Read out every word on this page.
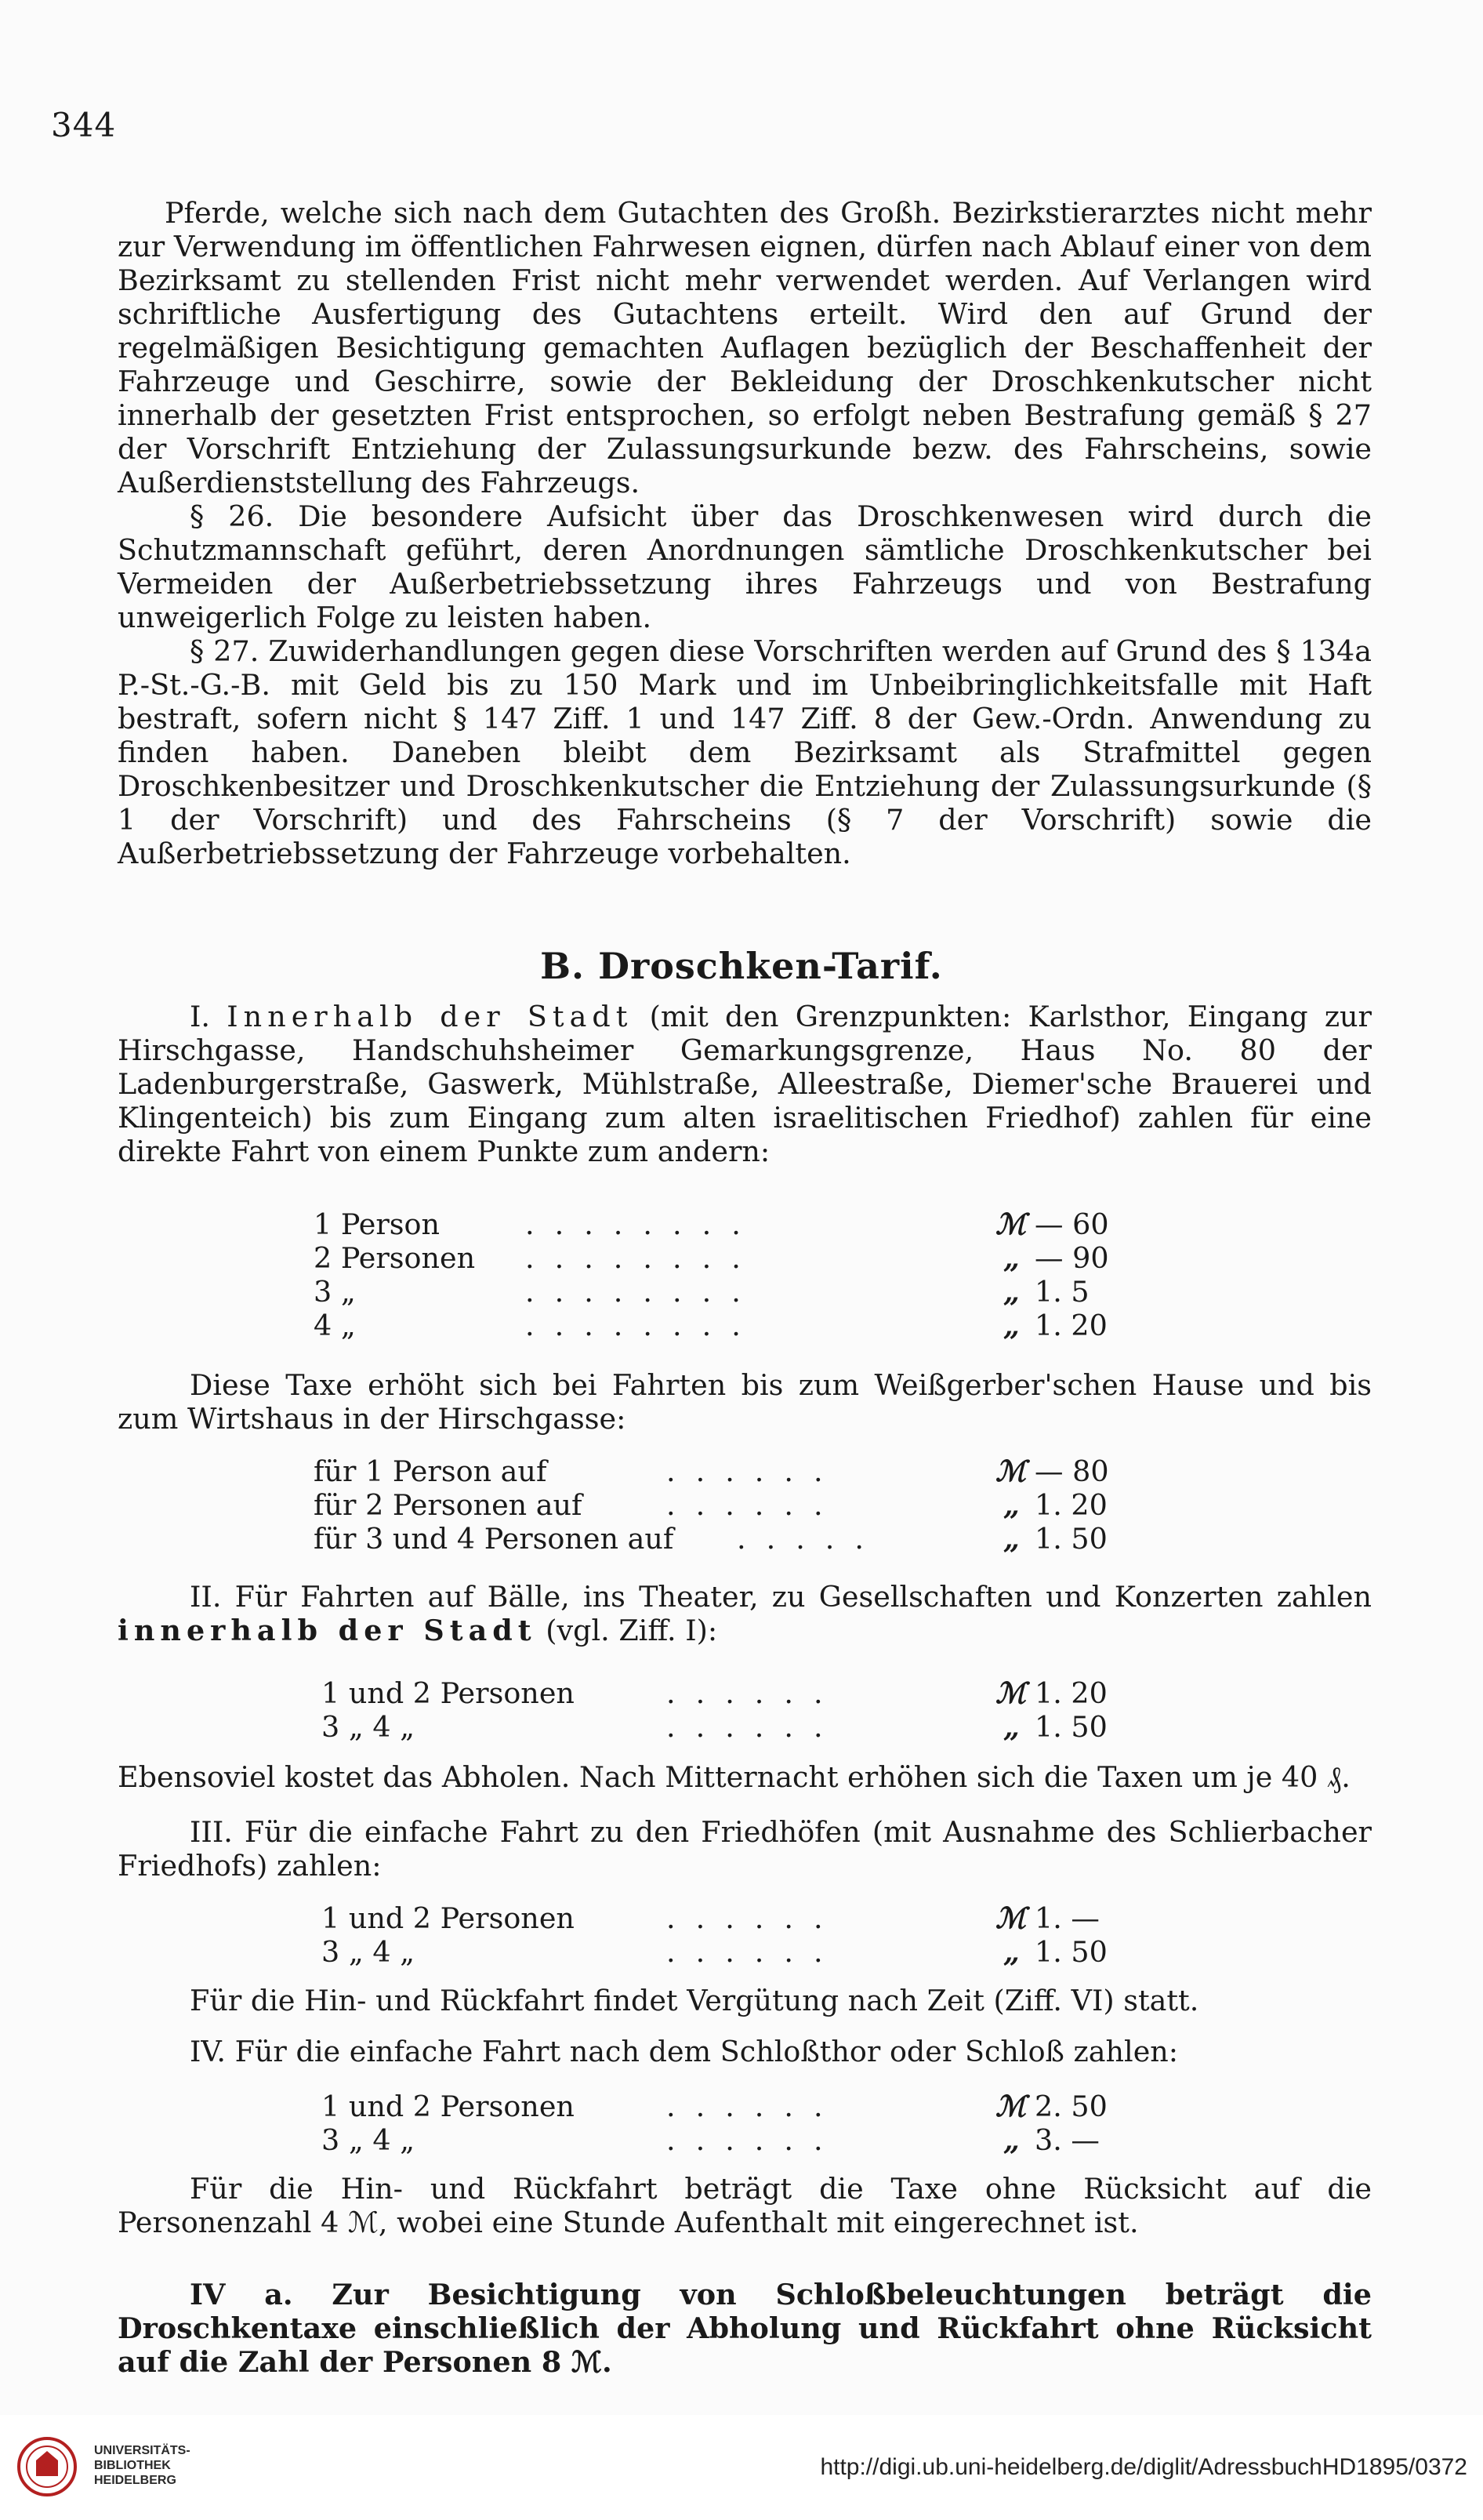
344

Pferde, welche sich nach dem Gutachten des Großh. Bezirkstierarztes nicht mehr zur Verwendung im öffentlichen Fahrwesen eignen, dürfen nach Ablauf einer von dem Bezirksamt zu stellenden Frist nicht mehr verwendet werden. Auf Verlangen wird schriftliche Ausfertigung des Gutachtens erteilt. Wird den auf Grund der regelmäßigen Besichtigung gemachten Auflagen bezüglich der Beschaffenheit der Fahrzeuge und Geschirre, sowie der Bekleidung der Droschkenkutscher nicht innerhalb der gesetzten Frist entsprochen, so erfolgt neben Bestrafung gemäß § 27 der Vorschrift Entziehung der Zulassungsurkunde bezw. des Fahrscheins, sowie Außerdienststellung des Fahrzeugs.

§ 26. Die besondere Aufsicht über das Droschkenwesen wird durch die Schutzmannschaft geführt, deren Anordnungen sämtliche Droschkenkutscher bei Vermeiden der Außerbetriebssetzung ihres Fahrzeugs und von Bestrafung unweigerlich Folge zu leisten haben.

§ 27. Zuwiderhandlungen gegen diese Vorschriften werden auf Grund des § 134a P.-St.-G.-B. mit Geld bis zu 150 Mark und im Unbeibringlichkeitsfalle mit Haft bestraft, sofern nicht § 147 Ziff. 1 und 147 Ziff. 8 der Gew.-Ordn. Anwendung zu finden haben. Daneben bleibt dem Bezirksamt als Strafmittel gegen Droschkenbesitzer und Droschkenkutscher die Entziehung der Zulassungsurkunde (§ 1 der Vorschrift) und des Fahrscheins (§ 7 der Vorschrift) sowie die Außerbetriebssetzung der Fahrzeuge vorbehalten.

B. Droschken-Tarif.

I. Innerhalb der Stadt (mit den Grenzpunkten: Karlsthor, Eingang zur Hirschgasse, Handschuhsheimer Gemarkungsgrenze, Haus No. 80 der Ladenburgerstraße, Gaswerk, Mühlstraße, Alleestraße, Diemer'sche Brauerei und Klingenteich) bis zum Eingang zum alten israelitischen Friedhof) zahlen für eine direkte Fahrt von einem Punkte zum andern:

1 Person	........	ℳ — 60
2 Personen ........	„ — 90
3 „	........	„ 1. 5
4 „	........	„ 1. 20

Diese Taxe erhöht sich bei Fahrten bis zum Weißgerber'schen Hause und bis zum Wirtshaus in der Hirschgasse:

für 1 Person auf	......	ℳ — 80
für 2 Personen auf	......	„ 1. 20
für 3 und 4 Personen auf .....	„ 1. 50

II. Für Fahrten auf Bälle, ins Theater, zu Gesellschaften und Konzerten zahlen innerhalb der Stadt (vgl. Ziff. I):

1 und 2 Personen	......	ℳ 1. 20
3 „ 4 „	......	„ 1. 50

Ebensoviel kostet das Abholen. Nach Mitternacht erhöhen sich die Taxen um je 40 ₰.

III. Für die einfache Fahrt zu den Friedhöfen (mit Ausnahme des Schlierbacher Friedhofs) zahlen:

1 und 2 Personen	......	ℳ 1. —
3 „ 4 „	......	„ 1. 50

Für die Hin- und Rückfahrt findet Vergütung nach Zeit (Ziff. VI) statt.

IV. Für die einfache Fahrt nach dem Schloßthor oder Schloß zahlen:

1 und 2 Personen	......	ℳ 2. 50
3 „ 4 „	......	„ 3. —

Für die Hin- und Rückfahrt beträgt die Taxe ohne Rücksicht auf die Personenzahl 4 ℳ, wobei eine Stunde Aufenthalt mit eingerechnet ist.

IV a. Zur Besichtigung von Schloßbeleuchtungen beträgt die Droschkentaxe einschließlich der Abholung und Rückfahrt ohne Rücksicht auf die Zahl der Personen 8 ℳ.

UNIVERSITÄTS-
BIBLIOTHEK
HEIDELBERG
http://digi.ub.uni-heidelberg.de/diglit/AdressbuchHD1895/0372
